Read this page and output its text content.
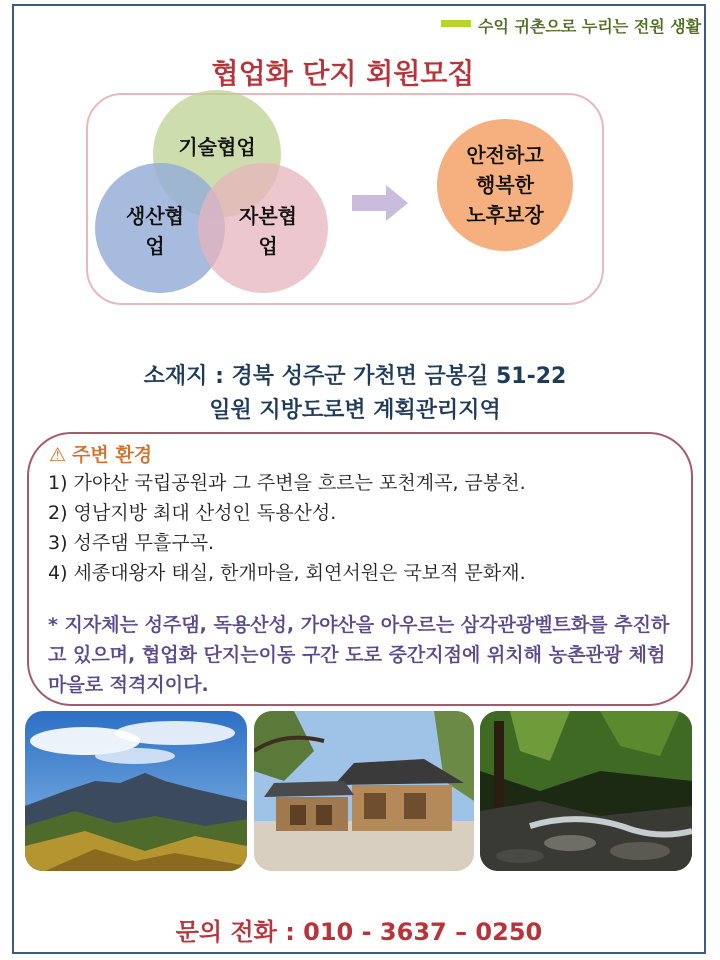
수익 귀촌으로 누리는 전원 생활
협업화 단지 회원모집
기술협업
생산협
업
자본협
업
안전하고
행복한
노후보장
소재지 : 경북 성주군 가천면 금봉길 51-22
일원 지방도로변 계획관리지역
⚠ 주변 환경
1) 가야산 국립공원과 그 주변을 흐르는 포천계곡, 금봉천.
2) 영남지방 최대 산성인 독용산성.
3) 성주댐 무흘구곡.
4) 세종대왕자 태실, 한개마을, 회연서원은 국보적 문화재.
* 지자체는 성주댐, 독용산성, 가야산을 아우르는 삼각관광벨트화를 추진하고 있으며, 협업화 단지는이동 구간 도로 중간지점에 위치해 농촌관광 체험마을로 적격지이다.
문의 전화 : 010 - 3637 – 0250
